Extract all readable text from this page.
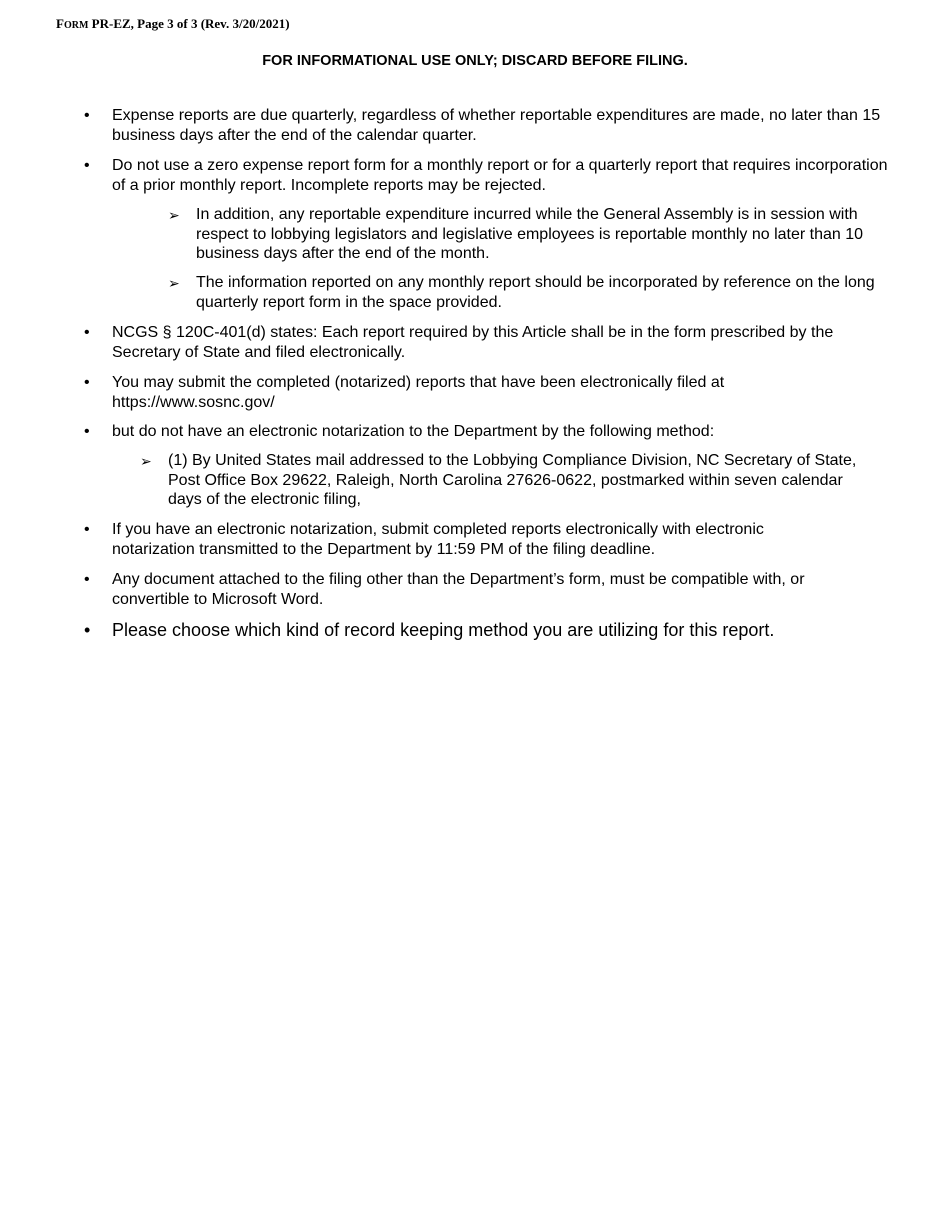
FORM PR-EZ, Page 3 of 3 (Rev. 3/20/2021)
FOR INFORMATIONAL USE ONLY; DISCARD BEFORE FILING.
• Expense reports are due quarterly, regardless of whether reportable expenditures are made, no later than 15 business days after the end of the calendar quarter.
• Do not use a zero expense report form for a monthly report or for a quarterly report that requires incorporation of a prior monthly report. Incomplete reports may be rejected.
➢ In addition, any reportable expenditure incurred while the General Assembly is in session with respect to lobbying legislators and legislative employees is reportable monthly no later than 10 business days after the end of the month.
➢ The information reported on any monthly report should be incorporated by reference on the long quarterly report form in the space provided.
• NCGS § 120C-401(d) states: Each report required by this Article shall be in the form prescribed by the Secretary of State and filed electronically.
• You may submit the completed (notarized) reports that have been electronically filed at https://www.sosnc.gov/
• but do not have an electronic notarization to the Department by the following method:
➢ (1) By United States mail addressed to the Lobbying Compliance Division, NC Secretary of State, Post Office Box 29622, Raleigh, North Carolina 27626-0622, postmarked within seven calendar days of the electronic filing,
• If you have an electronic notarization, submit completed reports electronically with electronic notarization transmitted to the Department by 11:59 PM of the filing deadline.
• Any document attached to the filing other than the Department’s form, must be compatible with, or convertible to Microsoft Word.
• Please choose which kind of record keeping method you are utilizing for this report.
